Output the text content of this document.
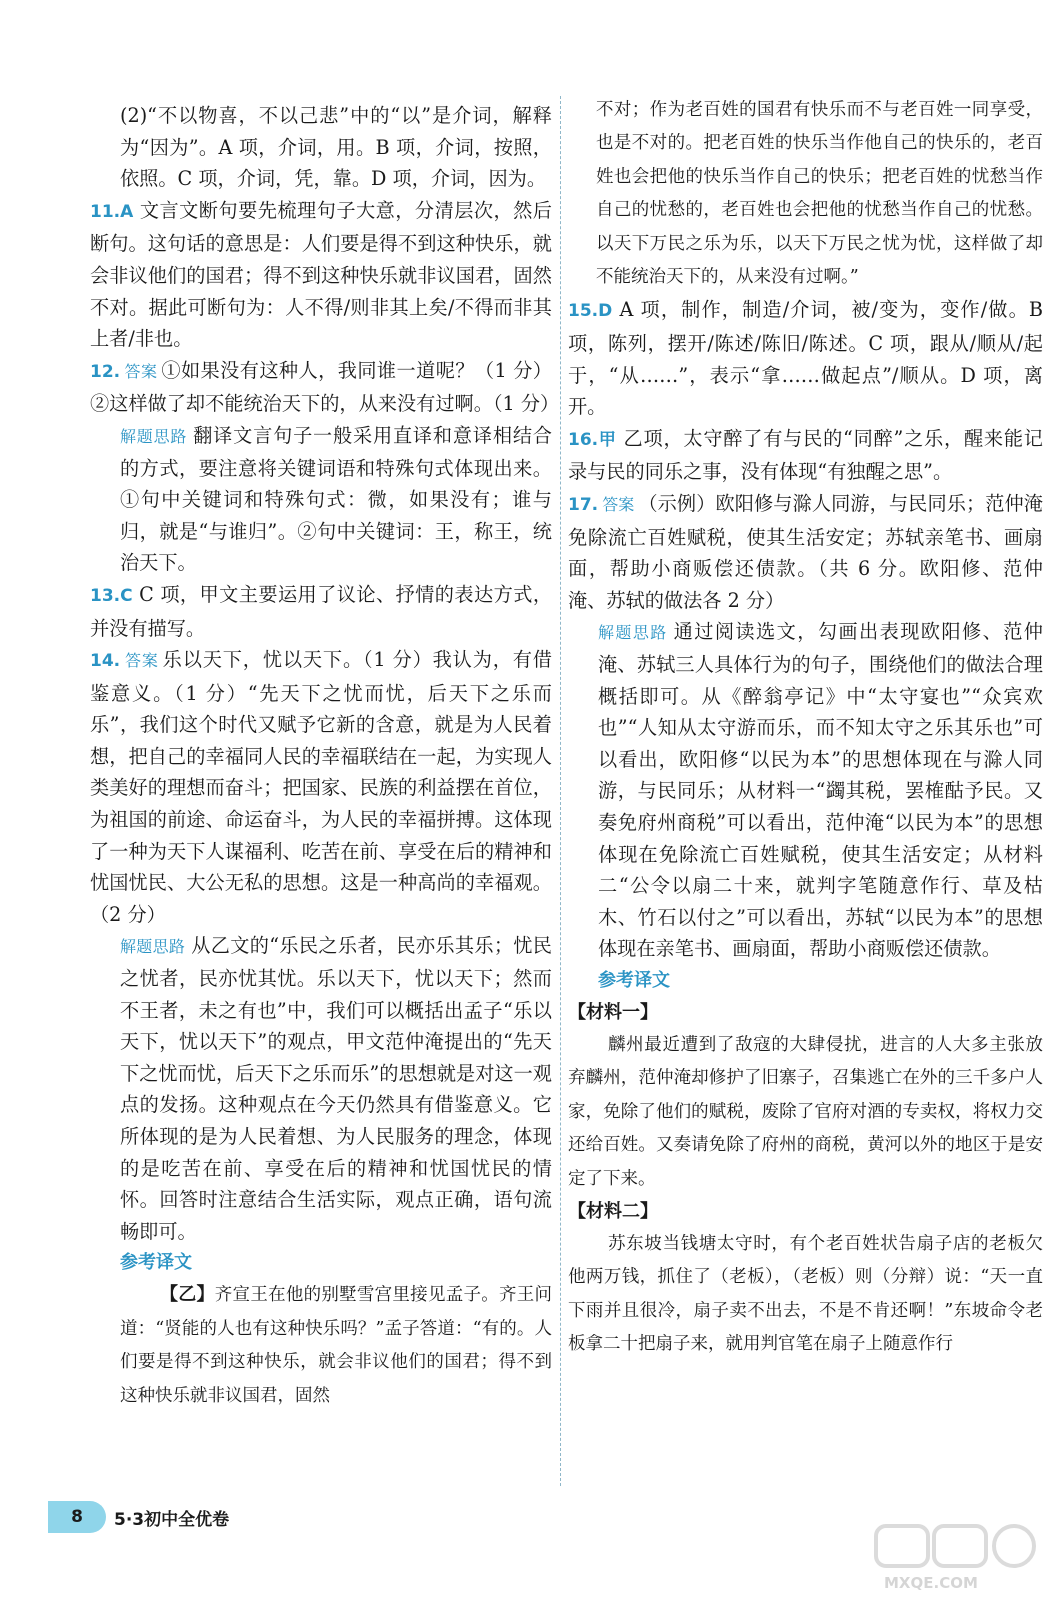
(2)“不以物喜，不以己悲”中的“以”是介词，解释为“因为”。A 项，介词，用。B 项，介词，按照，依照。C 项，介词，凭，靠。D 项，介词，因为。

11.A 文言文断句要先梳理句子大意，分清层次，然后断句。这句话的意思是：人们要是得不到这种快乐，就会非议他们的国君；得不到这种快乐就非议国君，固然不对。据此可断句为：人不得/则非其上矣/不得而非其上者/非也。

12. 答案 ①如果没有这种人，我同谁一道呢？（1 分）②这样做了却不能统治天下的，从来没有过啊。（1 分）

解题思路 翻译文言句子一般采用直译和意译相结合的方式，要注意将关键词语和特殊句式体现出来。①句中关键词和特殊句式：微，如果没有；谁与归，就是“与谁归”。②句中关键词：王，称王，统治天下。

13.C C 项，甲文主要运用了议论、抒情的表达方式，并没有描写。

14. 答案 乐以天下，忧以天下。（1 分）我认为，有借鉴意义。（1 分）“先天下之忧而忧，后天下之乐而乐”，我们这个时代又赋予它新的含意，就是为人民着想，把自己的幸福同人民的幸福联结在一起，为实现人类美好的理想而奋斗；把国家、民族的利益摆在首位，为祖国的前途、命运奋斗，为人民的幸福拼搏。这体现了一种为天下人谋福利、吃苦在前、享受在后的精神和忧国忧民、大公无私的思想。这是一种高尚的幸福观。（2 分）

解题思路 从乙文的“乐民之乐者，民亦乐其乐；忧民之忧者，民亦忧其忧。乐以天下，忧以天下；然而不王者，未之有也”中，我们可以概括出孟子“乐以天下，忧以天下”的观点，甲文范仲淹提出的“先天下之忧而忧，后天下之乐而乐”的思想就是对这一观点的发扬。这种观点在今天仍然具有借鉴意义。它所体现的是为人民着想、为人民服务的理念，体现的是吃苦在前、享受在后的精神和忧国忧民的情怀。回答时注意结合生活实际，观点正确，语句流畅即可。

参考译文

【乙】齐宣王在他的别墅雪宫里接见孟子。齐王问道：“贤能的人也有这种快乐吗？”孟子答道：“有的。人们要是得不到这种快乐，就会非议他们的国君；得不到这种快乐就非议国君，固然

不对；作为老百姓的国君有快乐而不与老百姓一同享受，也是不对的。把老百姓的快乐当作他自己的快乐的，老百姓也会把他的快乐当作自己的快乐；把老百姓的忧愁当作自己的忧愁的，老百姓也会把他的忧愁当作自己的忧愁。以天下万民之乐为乐，以天下万民之忧为忧，这样做了却不能统治天下的，从来没有过啊。”

15.D A 项，制作，制造/介词，被/变为，变作/做。B 项，陈列，摆开/陈述/陈旧/陈述。C 项，跟从/顺从/起于，“从……”，表示“拿……做起点”/顺从。D 项，离开。

16.甲 乙项，太守醉了有与民的“同醉”之乐，醒来能记录与民的同乐之事，没有体现“有独醒之思”。

17. 答案 （示例）欧阳修与滁人同游，与民同乐；范仲淹免除流亡百姓赋税，使其生活安定；苏轼亲笔书、画扇面，帮助小商贩偿还债款。（共 6 分。欧阳修、范仲淹、苏轼的做法各 2 分）

解题思路 通过阅读选文，勾画出表现欧阳修、范仲淹、苏轼三人具体行为的句子，围绕他们的做法合理概括即可。从《醉翁亭记》中“太守宴也”“众宾欢也”“人知从太守游而乐，而不知太守之乐其乐也”可以看出，欧阳修“以民为本”的思想体现在与滁人同游，与民同乐；从材料一“蠲其税，罢榷酤予民。又奏免府州商税”可以看出，范仲淹“以民为本”的思想体现在免除流亡百姓赋税，使其生活安定；从材料二“公令以扇二十来，就判字笔随意作行、草及枯木、竹石以付之”可以看出，苏轼“以民为本”的思想体现在亲笔书、画扇面，帮助小商贩偿还债款。

参考译文
【材料一】

麟州最近遭到了敌寇的大肆侵扰，进言的人大多主张放弃麟州，范仲淹却修护了旧寨子，召集逃亡在外的三千多户人家，免除了他们的赋税，废除了官府对酒的专卖权，将权力交还给百姓。又奏请免除了府州的商税，黄河以外的地区于是安定了下来。

【材料二】

苏东坡当钱塘太守时，有个老百姓状告扇子店的老板欠他两万钱，抓住了（老板），（老板）则（分辩）说：“天一直下雨并且很冷，扇子卖不出去，不是不肯还啊！”东坡命令老板拿二十把扇子来，就用判官笔在扇子上随意作行

8	5·3初中全优卷
MXQE.COM
